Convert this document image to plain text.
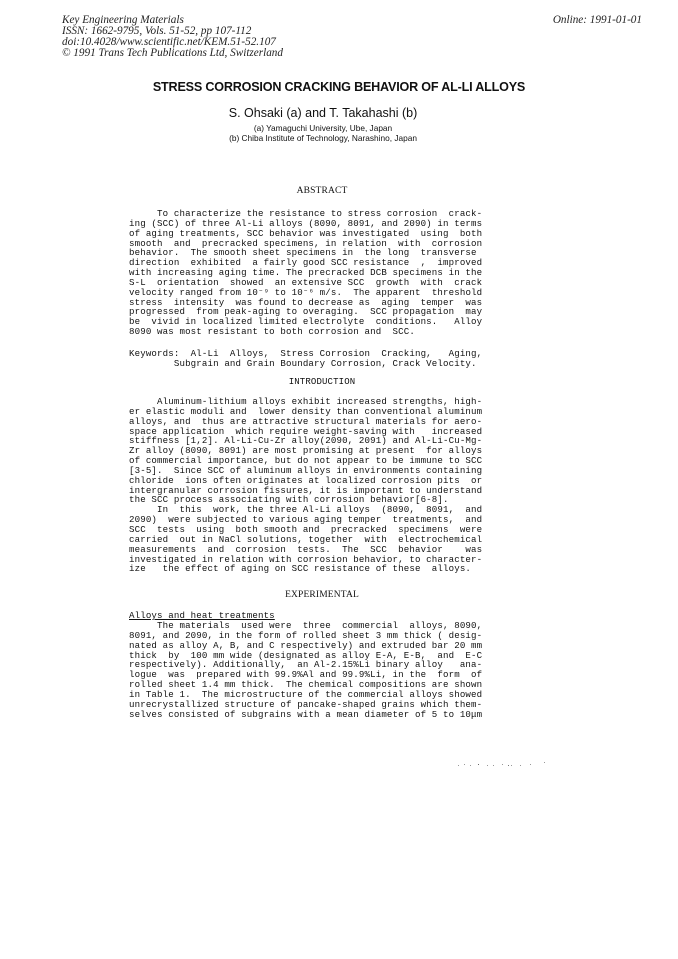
Key Engineering Materials
ISSN: 1662-9795, Vols. 51-52, pp 107-112
doi:10.4028/www.scientific.net/KEM.51-52.107
© 1991 Trans Tech Publications Ltd, Switzerland
Online: 1991-01-01
STRESS CORROSION CRACKING BEHAVIOR OF AL-LI ALLOYS
S. Ohsaki (a) and T. Takahashi (b)
(a) Yamaguchi University, Ube, Japan
(b) Chiba Institute of Technology, Narashino, Japan
ABSTRACT
To characterize the resistance to stress corrosion  crack-
ing (SCC) of three Al-Li alloys (8090, 8091, and 2090) in terms
of aging treatments, SCC behavior was investigated  using  both
smooth  and  precracked specimens, in relation  with  corrosion
behavior.  The smooth sheet specimens in  the long  transverse
direction  exhibited  a fairly good SCC resistance  ,  improved
with increasing aging time. The precracked DCB specimens in the
S-L  orientation  showed  an extensive SCC  growth  with  crack
velocity ranged from 10⁻⁹ to 10⁻⁶ m/s.  The apparent  threshold
stress  intensity  was found to decrease as  aging  temper  was
progressed  from peak-aging to overaging.  SCC propagation  may
be  vivid in localized limited electrolyte  conditions.   Alloy
8090 was most resistant to both corrosion and  SCC.
Keywords:  Al-Li  Alloys,  Stress Corrosion  Cracking,   Aging,
Subgrain and Grain Boundary Corrosion, Crack Velocity.
INTRODUCTION
Aluminum-lithium alloys exhibit increased strengths, high-
er elastic moduli and  lower density than conventional aluminum
alloys, and  thus are attractive structural materials for aero-
space application  which require weight-saving with   increased
stiffness [1,2]. Al-Li-Cu-Zr alloy(2090, 2091) and Al-Li-Cu-Mg-
Zr alloy (8090, 8091) are most promising at present  for alloys
of commercial importance, but do not appear to be immune to SCC
[3-5].  Since SCC of aluminum alloys in environments containing
chloride  ions often originates at localized corrosion pits  or
intergranular corrosion fissures, it is important to understand
the SCC process associating with corrosion behavior[6-8].
In  this  work, the three Al-Li alloys  (8090,  8091,  and
2090)  were subjected to various aging temper  treatments,  and
SCC  tests  using  both smooth and  precracked  specimens  were
carried  out in NaCl solutions, together  with  electrochemical
measurements  and  corrosion  tests.  The  SCC  behavior    was
investigated in relation with corrosion behavior, to character-
ize   the effect of aging on SCC resistance of these  alloys.
EXPERIMENTAL
Alloys and heat treatments
The materials  used were  three  commercial  alloys, 8090,
8091, and 2090, in the form of rolled sheet 3 mm thick ( desig-
nated as alloy A, B, and C respectively) and extruded bar 20 mm
thick  by  100 mm wide (designated as alloy E-A, E-B,  and  E-C
respectively). Additionally,  an Al-2.15%Li binary alloy   ana-
logue  was  prepared with 99.9%Al and 99.9%Li, in the  form  of
rolled sheet 1.4 mm thick.  The chemical compositions are shown
in Table 1.  The microstructure of the commercial alloys showed
unrecrystallized structure of pancake-shaped grains which them-
selves consisted of subgrains with a mean diameter of 5 to 10μm
